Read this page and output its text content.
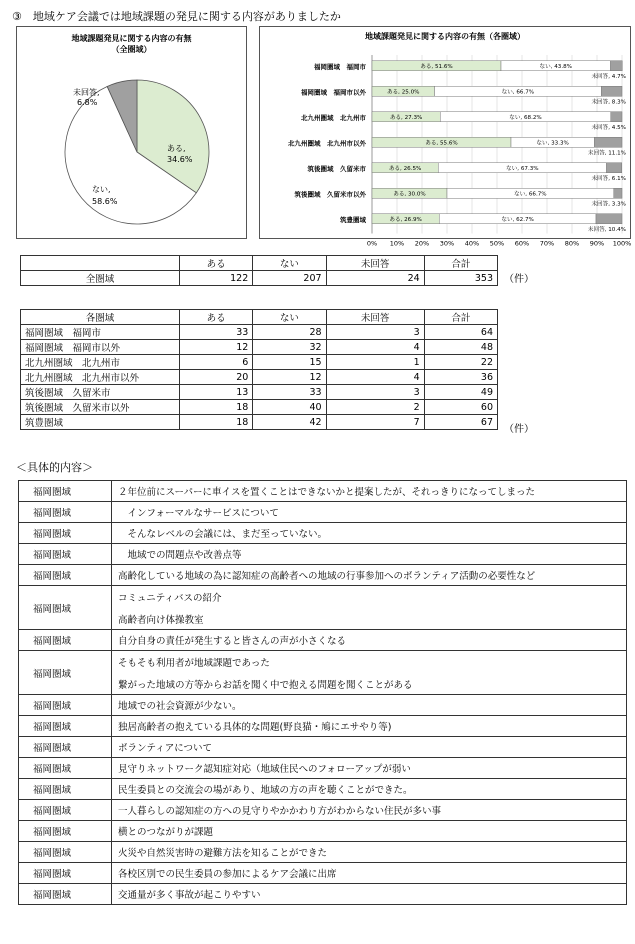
③　地域ケア会議では地域課題の発見に関する内容がありましたか
地域課題発見に関する内容の有無
（全圏域）
未回答,
6.8%
ある,
34.6%
ない,
58.6%
地域課題発見に関する内容の有無（各圏域）
0% 10% 20% 30% 40% 50% 60% 70% 80% 90% 100%
福岡圏域　福岡市	ある, 51.6%	ない, 43.8%
未回答, 4.7%
福岡圏域　福岡市以外	ある, 25.0%	ない, 66.7%
未回答, 8.3%
北九州圏域　北九州市	ある, 27.3%	ない, 68.2%
未回答, 4.5%
北九州圏域　北九州市以外	ある, 55.6%	ない, 33.3%
未回答, 11.1%
筑後圏域　久留米市	ある, 26.5%	ない, 67.3%
未回答, 6.1%
筑後圏域　久留米市以外	ある, 30.0%	ない, 66.7%
未回答, 3.3%
筑豊圏域	ある, 26.9%	ない, 62.7%
未回答, 10.4%
	ある	ない	未回答	合計
全圏域	122	207	24	353 （件）
各圏域	ある	ない	未回答	合計
福岡圏域　福岡市	33	28	3	64
福岡圏域　福岡市以外	12	32	4	48
北九州圏域　北九州市	6	15	1	22
北九州圏域　北九州市以外	20	12	4	36
筑後圏域　久留米市	13	33	3	49
筑後圏域　久留米市以外	18	40	2	60
筑豊圏域	18	42	7	67
（件）
＜具体的内容＞
福岡圏域	２年位前にスーパーに車イスを置くことはできないかと提案したが、それっきりになってしまった

福岡圏域	　インフォーマルなサービスについて

福岡圏域	　そんなレベルの会議には、まだ至っていない。

福岡圏域	　地域での問題点や改善点等

福岡圏域	高齢化している地域の為に認知症の高齢者への地域の行事参加へのボランティア活動の必要性など

福岡圏域	コミュニティバスの紹介
高齢者向け体操教室

福岡圏域	自分自身の責任が発生すると皆さんの声が小さくなる

福岡圏域	そもそも利用者が地域課題であった
繋がった地域の方等からお話を聞く中で抱える問題を聞くことがある

福岡圏域	地域での社会資源が少ない。

福岡圏域	独居高齢者の抱えている具体的な問題(野良猫・鳩にエサやり等)

福岡圏域	ボランティアについて

福岡圏域	見守りネットワーク認知症対応（地域住民へのフォローアップが弱い

福岡圏域	民生委員との交流会の場があり、地域の方の声を聴くことができた。

福岡圏域	一人暮らしの認知症の方への見守りやかかわり方がわからない住民が多い事

福岡圏域	横とのつながりが課題

福岡圏域	火災や自然災害時の避難方法を知ることができた

福岡圏域	各校区別での民生委員の参加によるケア会議に出席

福岡圏域	交通量が多く事故が起こりやすい
